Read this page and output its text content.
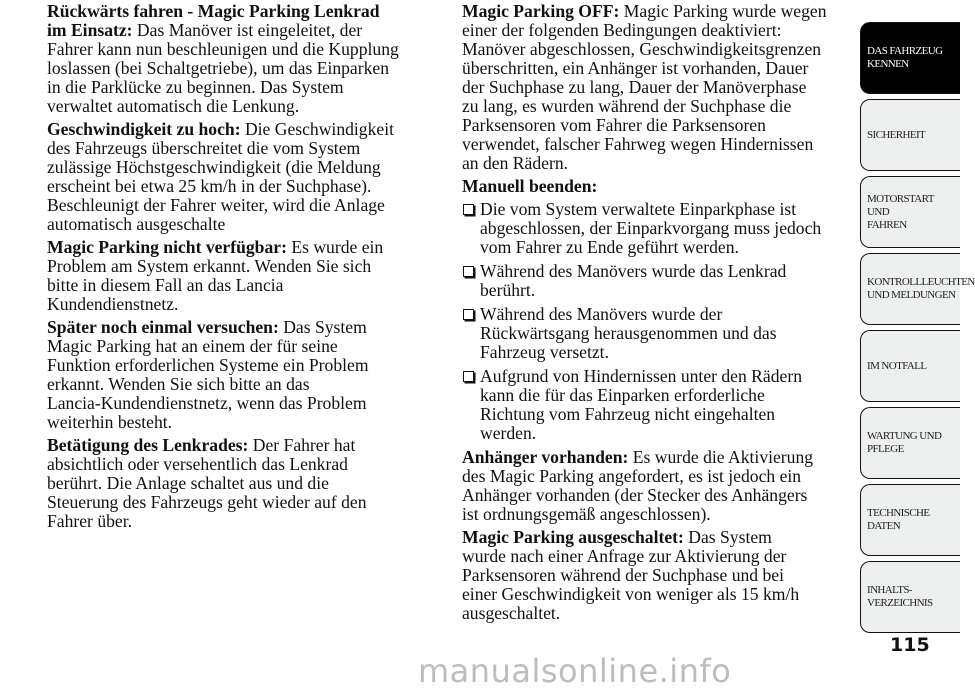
Rückwärts fahren - Magic Parking Lenkrad
im Einsatz: Das Manöver ist eingeleitet, der
Fahrer kann nun beschleunigen und die Kupplung
loslassen (bei Schaltgetriebe), um das Einparken
in die Parklücke zu beginnen. Das System
verwaltet automatisch die Lenkung.

Geschwindigkeit zu hoch: Die Geschwindigkeit
des Fahrzeugs überschreitet die vom System
zulässige Höchstgeschwindigkeit (die Meldung
erscheint bei etwa 25 km/h in der Suchphase).
Beschleunigt der Fahrer weiter, wird die Anlage
automatisch ausgeschalte

Magic Parking nicht verfügbar: Es wurde ein
Problem am System erkannt. Wenden Sie sich
bitte in diesem Fall an das Lancia
Kundendienstnetz.

Später noch einmal versuchen: Das System
Magic Parking hat an einem der für seine
Funktion erforderlichen Systeme ein Problem
erkannt. Wenden Sie sich bitte an das
Lancia-Kundendienstnetz, wenn das Problem
weiterhin besteht.

Betätigung des Lenkrades: Der Fahrer hat
absichtlich oder versehentlich das Lenkrad
berührt. Die Anlage schaltet aus und die
Steuerung des Fahrzeugs geht wieder auf den
Fahrer über.

Magic Parking OFF: Magic Parking wurde wegen
einer der folgenden Bedingungen deaktiviert:
Manöver abgeschlossen, Geschwindigkeitsgrenzen
überschritten, ein Anhänger ist vorhanden, Dauer
der Suchphase zu lang, Dauer der Manöverphase
zu lang, es wurden während der Suchphase die
Parksensoren vom Fahrer die Parksensoren
verwendet, falscher Fahrweg wegen Hindernissen
an den Rädern.

Manuell beenden:

Die vom System verwaltete Einparkphase ist
abgeschlossen, der Einparkvorgang muss jedoch
vom Fahrer zu Ende geführt werden.

Während des Manövers wurde das Lenkrad
berührt.

Während des Manövers wurde der
Rückwärtsgang herausgenommen und das
Fahrzeug versetzt.

Aufgrund von Hindernissen unter den Rädern
kann die für das Einparken erforderliche
Richtung vom Fahrzeug nicht eingehalten
werden.

Anhänger vorhanden: Es wurde die Aktivierung
des Magic Parking angefordert, es ist jedoch ein
Anhänger vorhanden (der Stecker des Anhängers
ist ordnungsgemäß angeschlossen).

Magic Parking ausgeschaltet: Das System
wurde nach einer Anfrage zur Aktivierung der
Parksensoren während der Suchphase und bei
einer Geschwindigkeit von weniger als 15 km/h
ausgeschaltet.

DAS FAHRZEUG
KENNEN
SICHERHEIT
MOTORSTART UND
FAHREN
KONTROLLLEUCHTEN
UND MELDUNGEN
IM NOTFALL
WARTUNG UND
PFLEGE
TECHNISCHE
DATEN
INHALTS-
VERZEICHNIS
115
manualsonline.info
